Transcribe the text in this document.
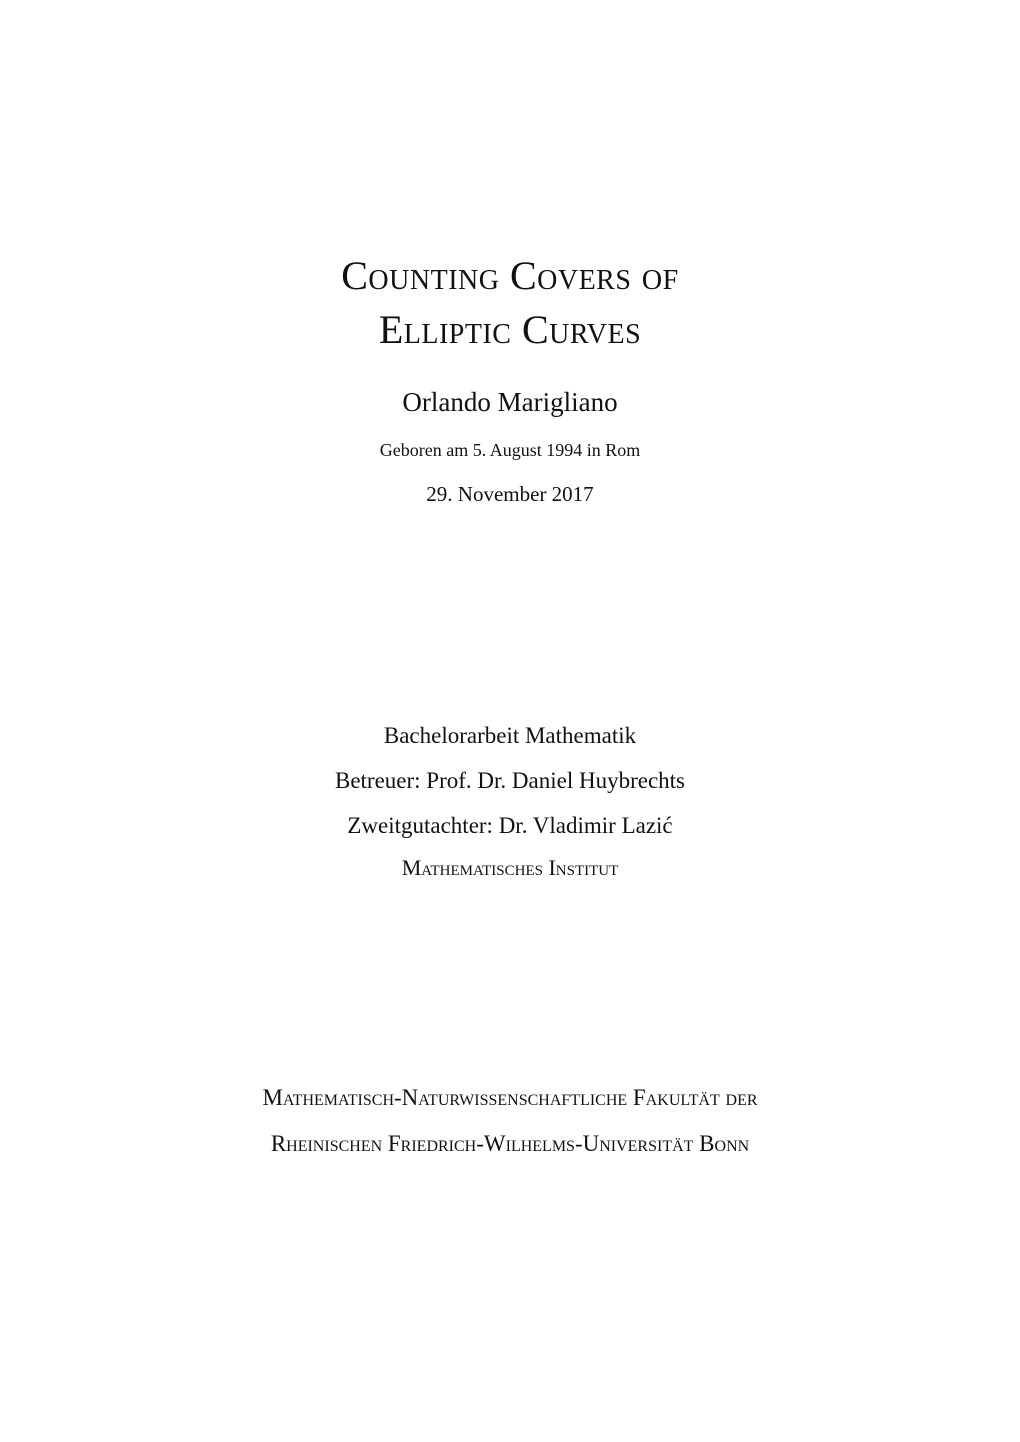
Counting Covers of
Elliptic Curves
Orlando Marigliano
Geboren am 5. August 1994 in Rom
29. November 2017
Bachelorarbeit Mathematik
Betreuer: Prof. Dr. Daniel Huybrechts
Zweitgutachter: Dr. Vladimir Lazić
Mathematisches Institut
Mathematisch-Naturwissenschaftliche Fakultät der
Rheinischen Friedrich-Wilhelms-Universität Bonn
